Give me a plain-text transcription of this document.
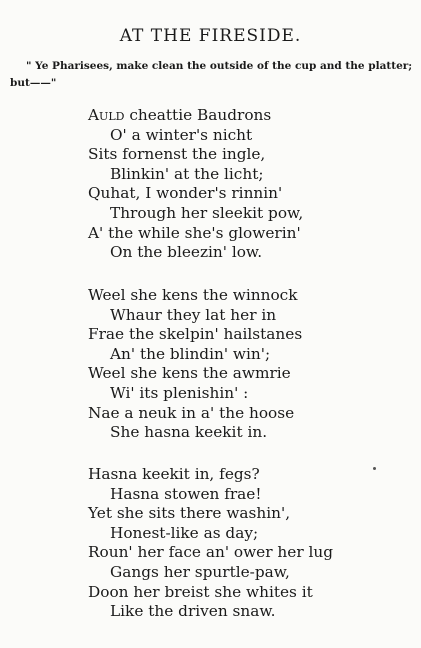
AT THE FIRESIDE.
" Ye Pharisees, make clean the outside of the cup and the platter;
but——"
Auld cheattie Baudrons
O' a winter's nicht
Sits fornenst the ingle,
Blinkin' at the licht;
Quhat, I wonder's rinnin'
Through her sleekit pow,
A' the while she's glowerin'
On the bleezin' low.
Weel she kens the winnock
Whaur they lat her in
Frae the skelpin' hailstanes
An' the blindin' win';
Weel she kens the awmrie
Wi' its plenishin' :
Nae a neuk in a' the hoose
She hasna keekit in.
Hasna keekit in, fegs?
Hasna stowen frae!
Yet she sits there washin',
Honest-like as day;
Roun' her face an' ower her lug
Gangs her spurtle-paw,
Doon her breist she whites it
Like the driven snaw.
